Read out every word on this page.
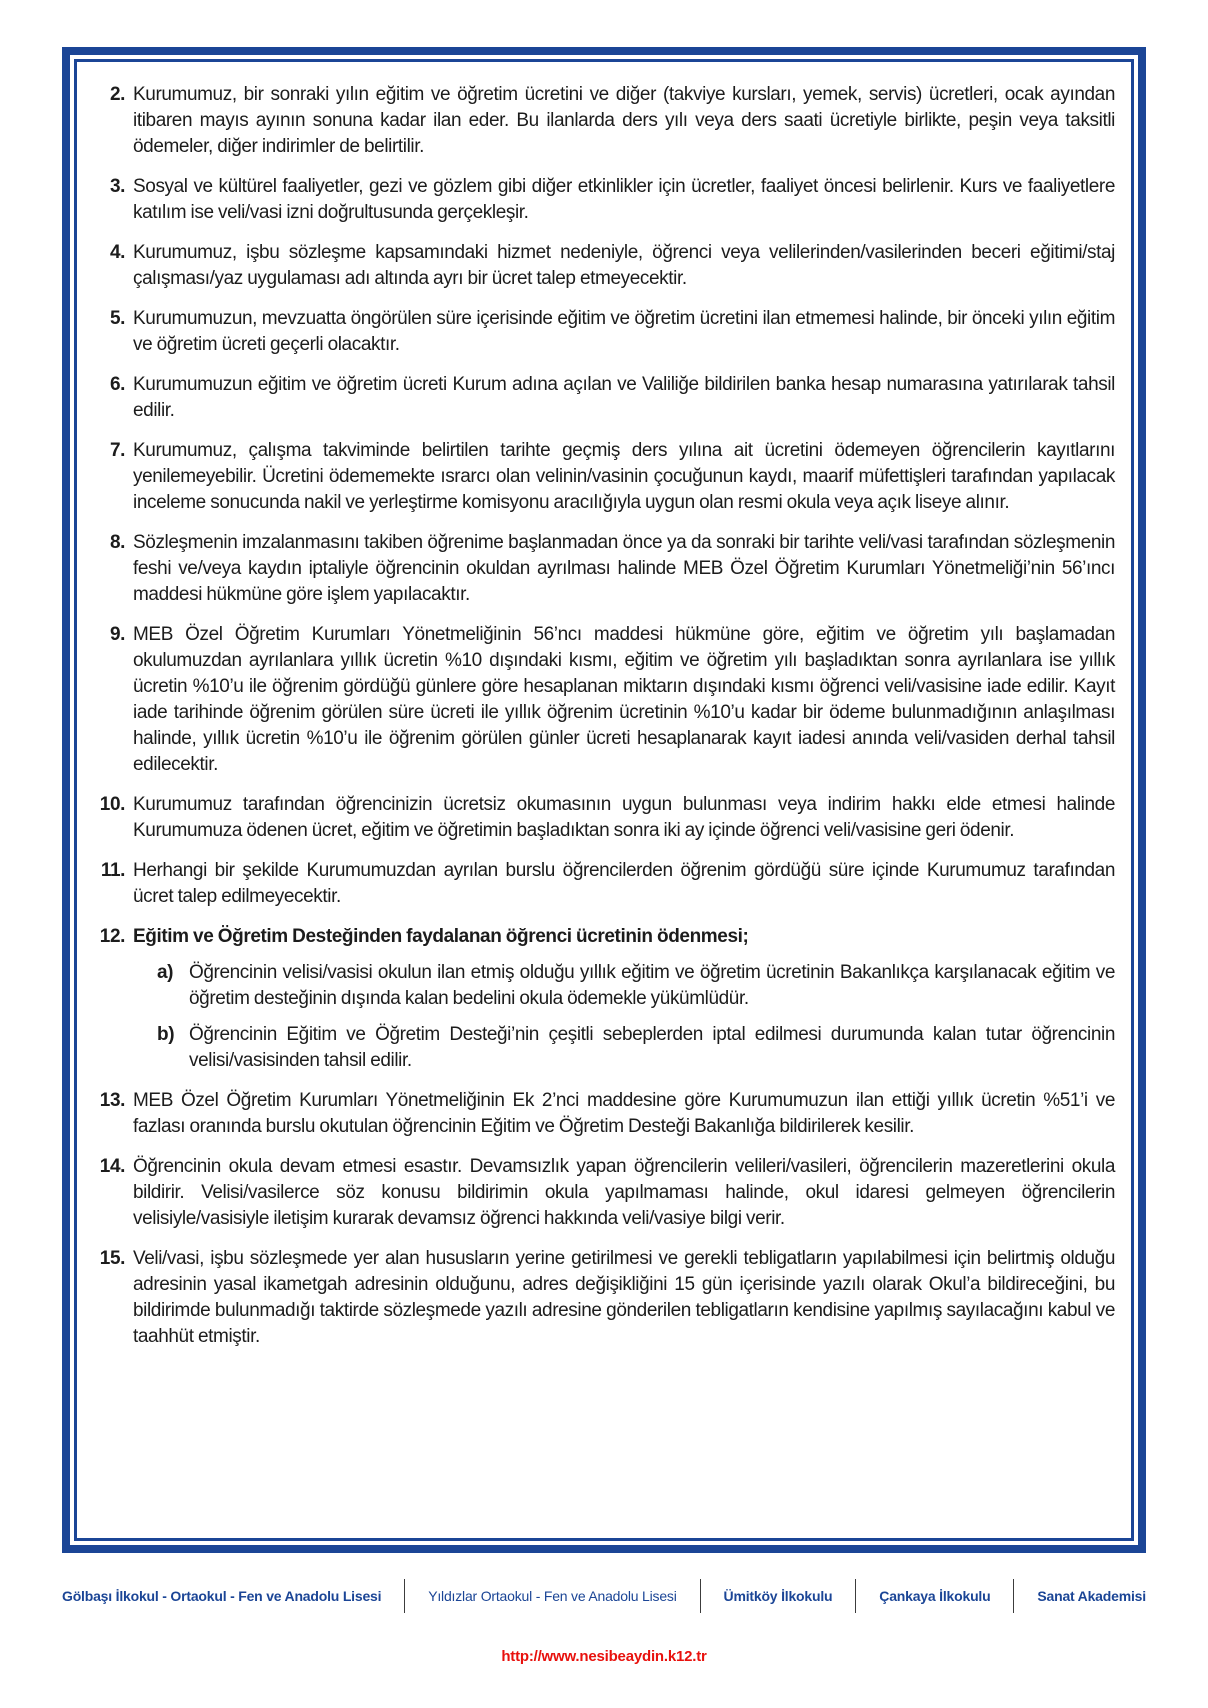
2. Kurumumuz, bir sonraki yılın eğitim ve öğretim ücretini ve diğer (takviye kursları, yemek, servis) ücretleri, ocak ayından itibaren mayıs ayının sonuna kadar ilan eder. Bu ilanlarda ders yılı veya ders saati ücretiyle birlikte, peşin veya taksitli ödemeler, diğer indirimler de belirtilir.
3. Sosyal ve kültürel faaliyetler, gezi ve gözlem gibi diğer etkinlikler için ücretler, faaliyet öncesi belirlenir. Kurs ve faaliyetlere katılım ise veli/vasi izni doğrultusunda gerçekleşir.
4. Kurumumuz, işbu sözleşme kapsamındaki hizmet nedeniyle, öğrenci veya velilerinden/vasilerinden beceri eğitimi/staj çalışması/yaz uygulaması adı altında ayrı bir ücret talep etmeyecektir.
5. Kurumumuzun, mevzuatta öngörülen süre içerisinde eğitim ve öğretim ücretini ilan etmemesi halinde, bir önceki yılın eğitim ve öğretim ücreti geçerli olacaktır.
6. Kurumumuzun eğitim ve öğretim ücreti Kurum adına açılan ve Valiliğe bildirilen banka hesap numarasına yatırılarak tahsil edilir.
7. Kurumumuz, çalışma takviminde belirtilen tarihte geçmiş ders yılına ait ücretini ödemeyen öğrencilerin kayıtlarını yenilemeyebilir. Ücretini ödememekte ısrarcı olan velinin/vasinin çocuğunun kaydı, maarif müfettişleri tarafından yapılacak inceleme sonucunda nakil ve yerleştirme komisyonu aracılığıyla uygun olan resmi okula veya açık liseye alınır.
8. Sözleşmenin imzalanmasını takiben öğrenime başlanmadan önce ya da sonraki bir tarihte veli/vasi tarafından sözleşmenin feshi ve/veya kaydın iptaliyle öğrencinin okuldan ayrılması halinde MEB Özel Öğretim Kurumları Yönetmeliği’nin 56’ıncı maddesi hükmüne göre işlem yapılacaktır.
9. MEB Özel Öğretim Kurumları Yönetmeliğinin 56’ncı maddesi hükmüne göre, eğitim ve öğretim yılı başlamadan okulumuzdan ayrılanlara yıllık ücretin %10 dışındaki kısmı, eğitim ve öğretim yılı başladıktan sonra ayrılanlara ise yıllık ücretin %10’u ile öğrenim gördüğü günlere göre hesaplanan miktarın dışındaki kısmı öğrenci veli/vasisine iade edilir. Kayıt iade tarihinde öğrenim görülen süre ücreti ile yıllık öğrenim ücretinin %10’u kadar bir ödeme bulunmadığının anlaşılması halinde, yıllık ücretin %10’u ile öğrenim görülen günler ücreti hesaplanarak kayıt iadesi anında veli/vasiden derhal tahsil edilecektir.
10. Kurumumuz tarafından öğrencinizin ücretsiz okumasının uygun bulunması veya indirim hakkı elde etmesi halinde Kurumumuza ödenen ücret, eğitim ve öğretimin başladıktan sonra iki ay içinde öğrenci veli/vasisine geri ödenir.
11. Herhangi bir şekilde Kurumumuzdan ayrılan burslu öğrencilerden öğrenim gördüğü süre içinde Kurumumuz tarafından ücret talep edilmeyecektir.
12. Eğitim ve Öğretim Desteğinden faydalanan öğrenci ücretinin ödenmesi;
a) Öğrencinin velisi/vasisi okulun ilan etmiş olduğu yıllık eğitim ve öğretim ücretinin Bakanlıkça karşılanacak eğitim ve öğretim desteğinin dışında kalan bedelini okula ödemekle yükümlüdür.
b) Öğrencinin Eğitim ve Öğretim Desteği’nin çeşitli sebeplerden iptal edilmesi durumunda kalan tutar öğrencinin velisi/vasisinden tahsil edilir.
13. MEB Özel Öğretim Kurumları Yönetmeliğinin Ek 2’nci maddesine göre Kurumumuzun ilan ettiği yıllık ücretin %51’i ve fazlası oranında burslu okutulan öğrencinin Eğitim ve Öğretim Desteği Bakanlığa bildirilerek kesilir.
14. Öğrencinin okula devam etmesi esastır. Devamsızlık yapan öğrencilerin velileri/vasileri, öğrencilerin mazeretlerini okula bildirir. Velisi/vasilerce söz konusu bildirimin okula yapılmaması halinde, okul idaresi gelmeyen öğrencilerin velisiyle/vasisiyle iletişim kurarak devamsız öğrenci hakkında veli/vasiye bilgi verir.
15. Veli/vasi, işbu sözleşmede yer alan hususların yerine getirilmesi ve gerekli tebligatların yapılabilmesi için belirtmiş olduğu adresinin yasal ikametgah adresinin olduğunu, adres değişikliğini 15 gün içerisinde yazılı olarak Okul’a bildireceğini, bu bildirimde bulunmadığı taktirde sözleşmede yazılı adresine gönderilen tebligatların kendisine yapılmış sayılacağını kabul ve taahhüt etmiştir.
Gölbaşı İlkokul - Ortaokul - Fen ve Anadolu Lisesi	Yıldızlar Ortaokul - Fen ve Anadolu Lisesi	Ümitköy İlkokulu	Çankaya İlkokulu	Sanat Akademisi
http://www.nesibeaydin.k12.tr
